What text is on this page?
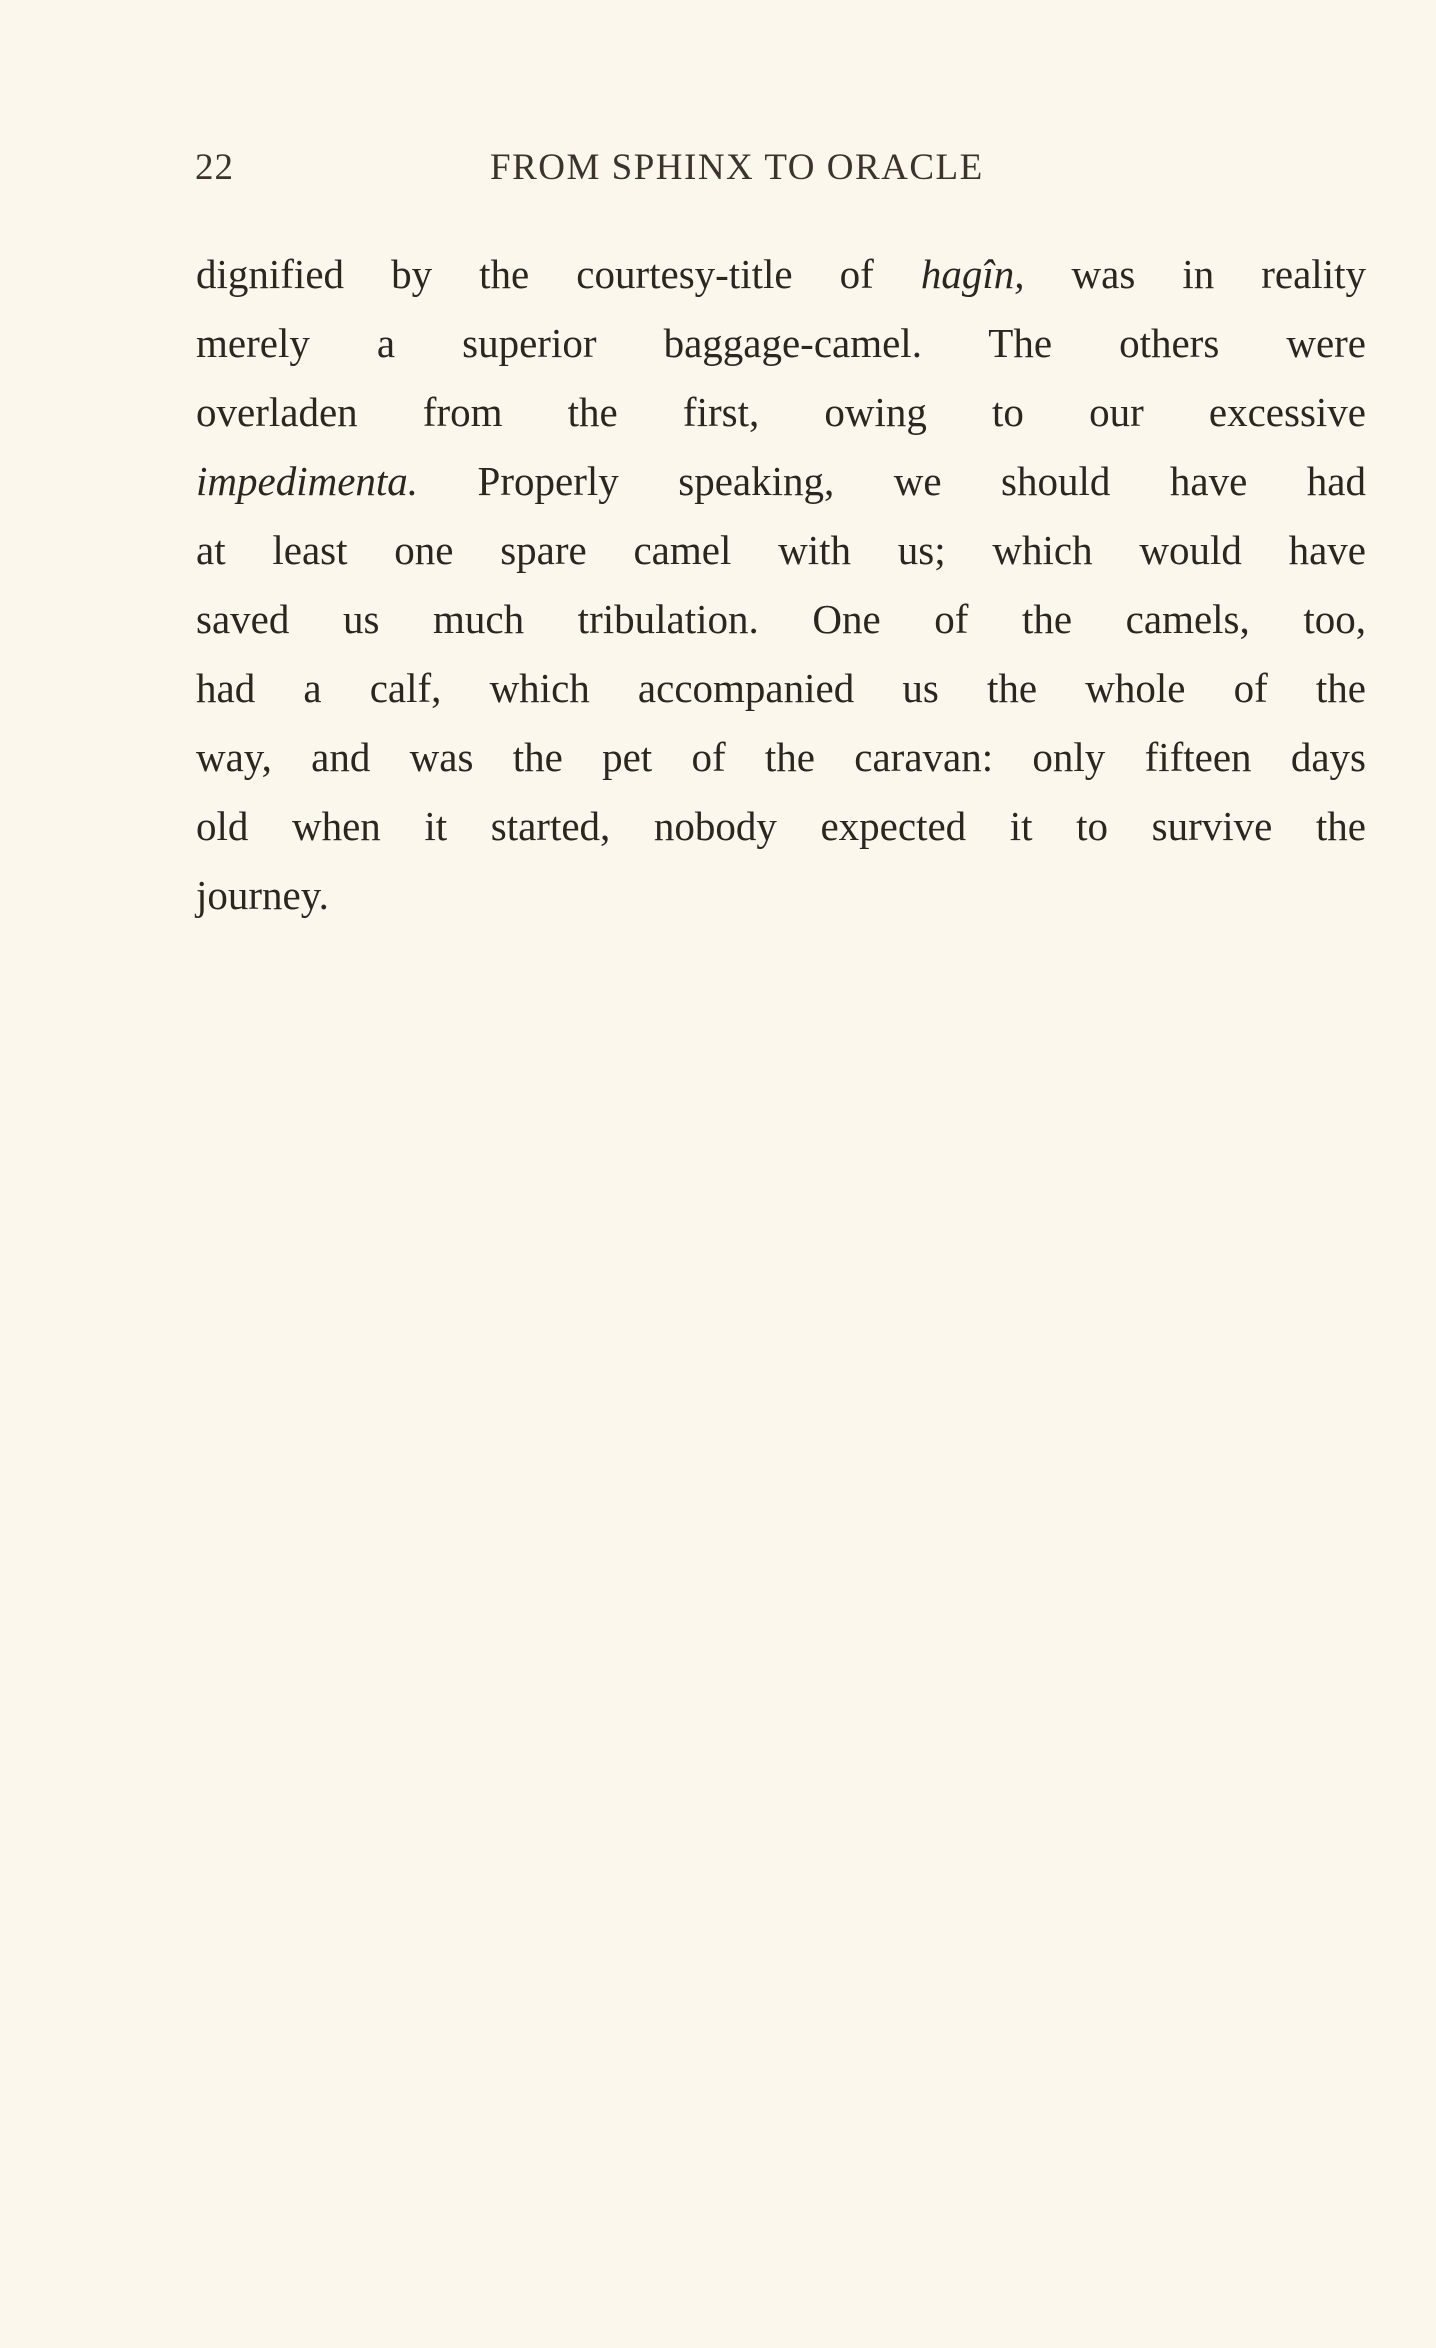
22	FROM SPHINX TO ORACLE
dignified by the courtesy-title of hagîn, was in reality
merely a superior baggage-camel. The others were
overladen from the first, owing to our excessive
impedimenta. Properly speaking, we should have had
at least one spare camel with us; which would have
saved us much tribulation. One of the camels, too,
had a calf, which accompanied us the whole of the
way, and was the pet of the caravan: only fifteen days
old when it started, nobody expected it to survive the
journey.
